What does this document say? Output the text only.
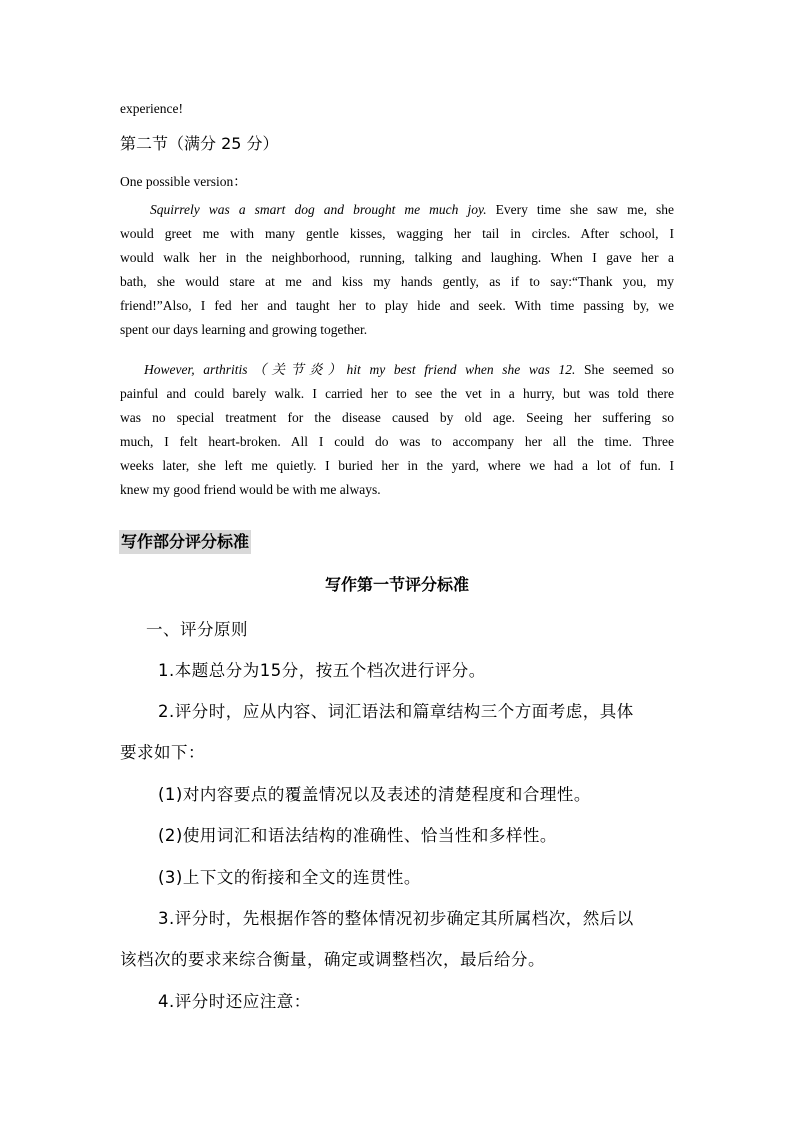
experience!
第二节（满分 25 分）
One possible version：
Squirrely was a smart dog and brought me much joy. Every time she saw me, she
would greet me with many gentle kisses, wagging her tail in circles. After school, I
would walk her in the neighborhood, running, talking and laughing. When I gave her a
bath, she would stare at me and kiss my hands gently, as if to say:“Thank you, my
friend!”Also, I fed her and taught her to play hide and seek. With time passing by, we
spent our days learning and growing together.
However, arthritis（关节炎）hit my best friend when she was 12. She seemed so
painful and could barely walk. I carried her to see the vet in a hurry, but was told there
was no special treatment for the disease caused by old age. Seeing her suffering so
much, I felt heart-broken. All I could do was to accompany her all the time. Three
weeks later, she left me quietly. I buried her in the yard, where we had a lot of fun. I
knew my good friend would be with me always.
写作部分评分标准
写作第一节评分标准
一、评分原则
1.本题总分为15分，按五个档次进行评分。
2.评分时，应从内容、词汇语法和篇章结构三个方面考虑，具体
要求如下：
(1)对内容要点的覆盖情况以及表述的清楚程度和合理性。
(2)使用词汇和语法结构的准确性、恰当性和多样性。
(3)上下文的衔接和全文的连贯性。
3.评分时，先根据作答的整体情况初步确定其所属档次，然后以
该档次的要求来综合衡量，确定或调整档次，最后给分。
4.评分时还应注意：
